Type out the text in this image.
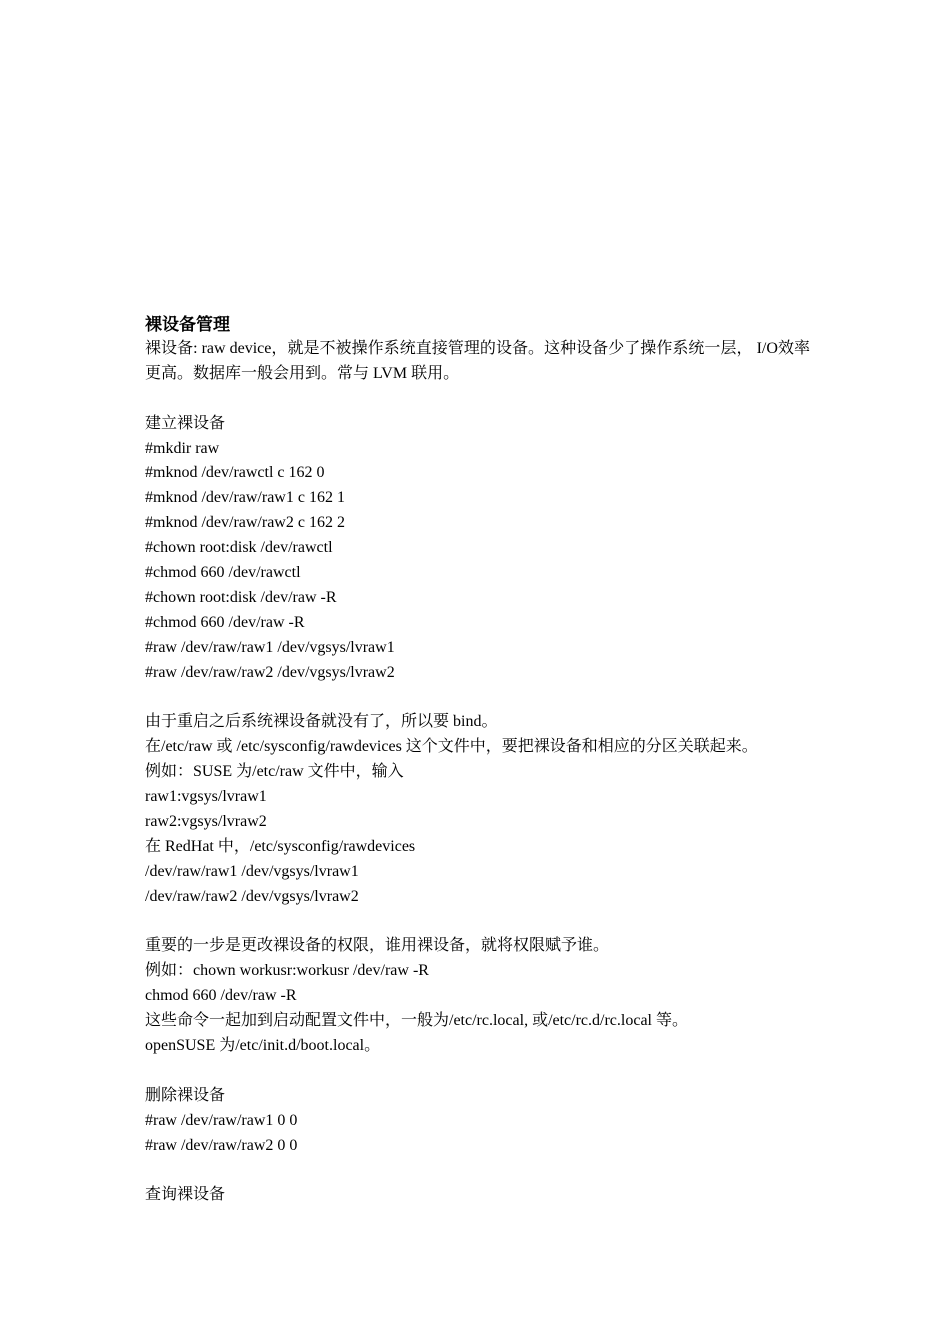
裸设备管理

裸设备: raw device，就是不被操作系统直接管理的设备。这种设备少了操作系统一层， I/O效率更高。数据库一般会用到。常与 LVM 联用。

建立裸设备
#mkdir raw
#mknod /dev/rawctl c 162 0
#mknod /dev/raw/raw1 c 162 1
#mknod /dev/raw/raw2 c 162 2
#chown root:disk /dev/rawctl
#chmod 660 /dev/rawctl
#chown root:disk /dev/raw -R
#chmod 660 /dev/raw -R
#raw /dev/raw/raw1 /dev/vgsys/lvraw1
#raw /dev/raw/raw2 /dev/vgsys/lvraw2
由于重启之后系统裸设备就没有了，所以要 bind。
在/etc/raw 或 /etc/sysconfig/rawdevices 这个文件中，要把裸设备和相应的分区关联起来。
例如：SUSE 为/etc/raw 文件中，输入
raw1:vgsys/lvraw1
raw2:vgsys/lvraw2
在 RedHat 中，/etc/sysconfig/rawdevices
/dev/raw/raw1 /dev/vgsys/lvraw1
/dev/raw/raw2 /dev/vgsys/lvraw2
重要的一步是更改裸设备的权限，谁用裸设备，就将权限赋予谁。
例如：chown workusr:workusr /dev/raw -R
chmod 660 /dev/raw -R
这些命令一起加到启动配置文件中，一般为/etc/rc.local, 或/etc/rc.d/rc.local 等。
openSUSE 为/etc/init.d/boot.local。
删除裸设备
#raw /dev/raw/raw1 0 0
#raw /dev/raw/raw2 0 0
查询裸设备
